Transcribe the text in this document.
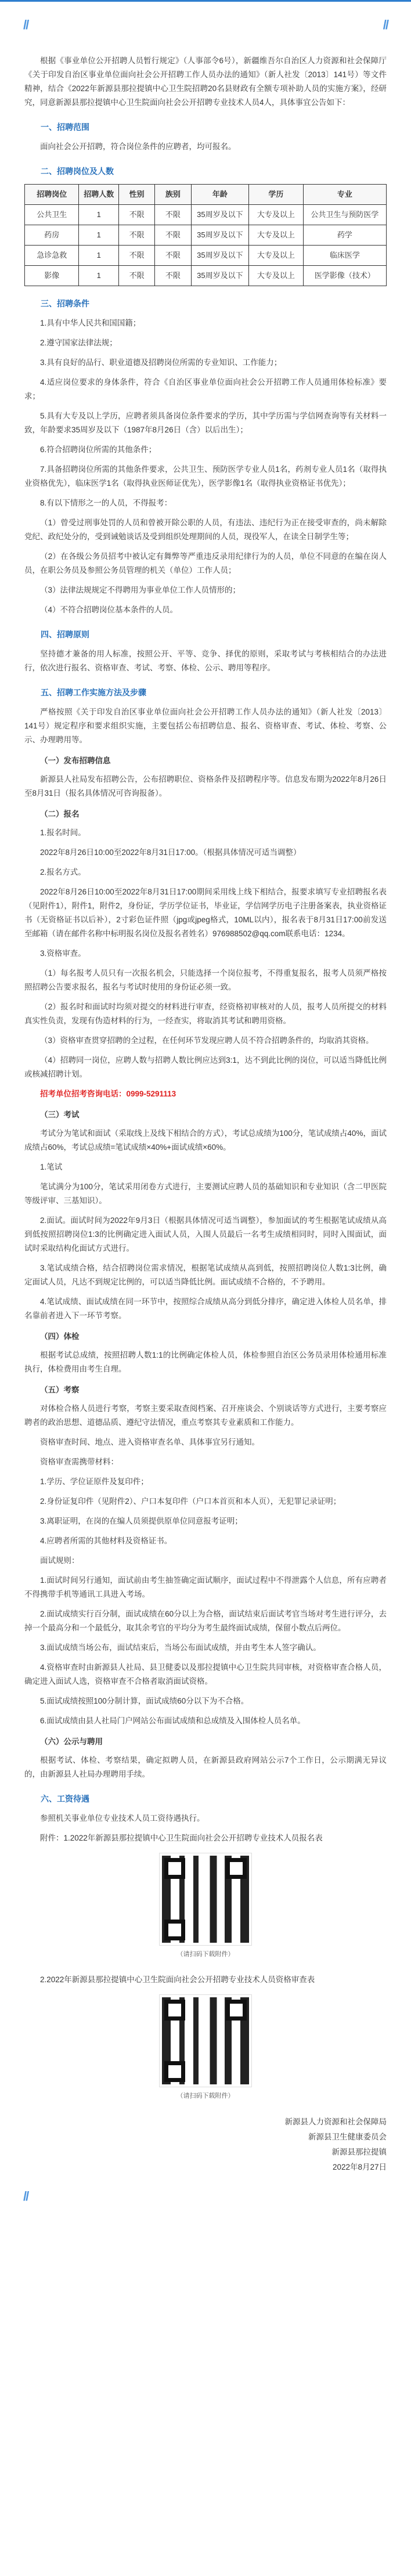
//	//

根据《事业单位公开招聘人员暂行规定》（人事部令6号），新疆维吾尔自治区人力资源和社会保障厅《关于印发自治区事业单位面向社会公开招聘工作人员办法的通知》（新人社发〔2013〕141号）等文件精神，结合《2022年新源县那拉提镇中心卫生院招聘20名县财政有全额专项补助人员的实施方案》，经研究，同意新源县那拉提镇中心卫生院面向社会公开招聘专业技术人员4人，具体事宜公告如下：

一、招聘范围

面向社会公开招聘，符合岗位条件的应聘者，均可报名。

二、招聘岗位及人数
招聘岗位	招聘人数	性别	族别	年龄	学历	专业
公共卫生	1	不限	不限	35周岁及以下	大专及以上	公共卫生与预防医学
药房	1	不限	不限	35周岁及以下	大专及以上	药学
急诊急救	1	不限	不限	35周岁及以下	大专及以上	临床医学
影像	1	不限	不限	35周岁及以下	大专及以上	医学影像（技术）
三、招聘条件

1.具有中华人民共和国国籍；

2.遵守国家法律法规；

3.具有良好的品行、职业道德及招聘岗位所需的专业知识、工作能力；

4.适应岗位要求的身体条件，符合《自治区事业单位面向社会公开招聘工作人员通用体检标准》要求；

5.具有大专及以上学历，应聘者须具备岗位条件要求的学历，其中学历需与学信网查询等有关材料一致，年龄要求35周岁及以下（1987年8月26日（含）以后出生）；

6.符合招聘岗位所需的其他条件；

7.具备招聘岗位所需的其他条件要求，公共卫生、预防医学专业人员1名，药剂专业人员1名（取得执业资格优先），临床医学1名（取得执业医师证优先），医学影像1名（取得执业资格证书优先）；

8.有以下情形之一的人员，不得报考：

（1）曾受过刑事处罚的人员和曾被开除公职的人员，有违法、违纪行为正在接受审查的，尚未解除党纪、政纪处分的，受到诫勉谈话及受到组织处理期间的人员，现役军人，在读全日制学生等；

（2）在各级公务员招考中被认定有舞弊等严重违反录用纪律行为的人员，单位不同意的在编在岗人员，在职公务员及参照公务员管理的机关（单位）工作人员；

（3）法律法规规定不得聘用为事业单位工作人员情形的；

（4）不符合招聘岗位基本条件的人员。

四、招聘原则

坚持德才兼备的用人标准，按照公开、平等、竞争、择优的原则，采取考试与考核相结合的办法进行，依次进行报名、资格审查、考试、考察、体检、公示、聘用等程序。

五、招聘工作实施方法及步骤

严格按照《关于印发自治区事业单位面向社会公开招聘工作人员办法的通知》（新人社发〔2013〕141号）规定程序和要求组织实施，主要包括公布招聘信息、报名、资格审查、考试、体检、考察、公示、办理聘用等。

（一）发布招聘信息

新源县人社局发布招聘公告，公布招聘职位、资格条件及招聘程序等。信息发布期为2022年8月26日至8月31日（报名具体情况可咨询报备）。

（二）报名

1.报名时间。

2022年8月26日10:00至2022年8月31日17:00。（根据具体情况可适当调整）

2.报名方式。

2022年8月26日10:00至2022年8月31日17:00期间采用线上线下相结合，报要求填写专业招聘报名表（见附件1），附件1，附件2，身份证，学历学位证书，毕业证，学信网学历电子注册备案表，执业资格证书（无资格证书以后补），2寸彩色证件照（jpg或jpeg格式，10ML以内），报名表于8月31日17:00前发送至邮箱（请在邮件名称中标明报名岗位及报名者姓名）976988502@qq.com联系电话：1234。

3.资格审查。

（1）每名报考人员只有一次报名机会，只能选择一个岗位报考，不得重复报名，报考人员须严格按照招聘公告要求报名，报名与考试时使用的身份证必须一致。

（2）报名时和面试时均须对提交的材料进行审查，经资格初审核对的人员，报考人员所提交的材料真实性负责，发现有伪造材料的行为，一经查实，将取消其考试和聘用资格。

（3）资格审查贯穿招聘的全过程，在任何环节发现应聘人员不符合招聘条件的，均取消其资格。

（4）招聘同一岗位，应聘人数与招聘人数比例应达到3:1，达不到此比例的岗位，可以适当降低比例或核减招聘计划。

招考单位招考咨询电话：0999-5291113

（三）考试

考试分为笔试和面试（采取线上及线下相结合的方式），考试总成绩为100分，笔试成绩占40%，面试成绩占60%，考试总成绩=笔试成绩×40%+面试成绩×60%。

1.笔试

笔试满分为100分，笔试采用闭卷方式进行，主要测试应聘人员的基础知识和专业知识（含二甲医院等级评审、三基知识）。

2.面试。面试时间为2022年9月3日（根据具体情况可适当调整），参加面试的考生根据笔试成绩从高到低按照招聘岗位1:3的比例确定进入面试人员，入围人员最后一名考生成绩相同时，同时入围面试，面试时采取结构化面试方式进行。

3.笔试成绩合格，结合招聘岗位需求情况，根据笔试成绩从高到低，按照招聘岗位人数1:3比例，确定面试人员，凡达不到规定比例的，可以适当降低比例。面试成绩不合格的，不予聘用。

4.笔试成绩、面试成绩在同一环节中，按照综合成绩从高分到低分排序，确定进入体检人员名单，排名靠前者进入下一环节考察。

（四）体检

根据考试总成绩，按照招聘人数1:1的比例确定体检人员，体检参照自治区公务员录用体检通用标准执行，体检费用由考生自理。

（五）考察

对体检合格人员进行考察，考察主要采取查阅档案、召开座谈会、个别谈话等方式进行，主要考察应聘者的政治思想、道德品质、遵纪守法情况，重点考察其专业素质和工作能力。

资格审查时间、地点、进入资格审查名单、具体事宜另行通知。

资格审查需携带材料：

1.学历、学位证原件及复印件；

2.身份证复印件（见附件2）、户口本复印件（户口本首页和本人页），无犯罪记录证明；

3.离职证明，在岗的在编人员须提供原单位同意报考证明；

4.应聘者所需的其他材料及资格证书。

面试规则：

1.面试时间另行通知，面试前由考生抽签确定面试顺序，面试过程中不得泄露个人信息，所有应聘者不得携带手机等通讯工具进入考场。

2.面试成绩实行百分制，面试成绩在60分以上为合格，面试结束后面试考官当场对考生进行评分，去掉一个最高分和一个最低分，取其余考官的平均分为考生最终面试成绩，保留小数点后两位。

3.面试成绩当场公布，面试结束后，当场公布面试成绩，并由考生本人签字确认。

4.资格审查时由新源县人社局、县卫健委以及那拉提镇中心卫生院共同审核，对资格审查合格人员，确定进入面试人选，资格审查不合格者取消面试资格。

5.面试成绩按照100分制计算，面试成绩60分以下为不合格。

6.面试成绩由县人社局门户网站公布面试成绩和总成绩及入围体检人员名单。

（六）公示与聘用

根据考试、体检、考察结果，确定拟聘人员，在新源县政府网站公示7个工作日，公示期满无异议的，由新源县人社局办理聘用手续。

六、工资待遇

参照机关事业单位专业技术人员工资待遇执行。

附件：1.2022年新源县那拉提镇中心卫生院面向社会公开招聘专业技术人员报名表

（请扫码下载附件）

2.2022年新源县那拉提镇中心卫生院面向社会公开招聘专业技术人员资格审查表

（请扫码下载附件）
新源县人力资源和社会保障局
新源县卫生健康委员会
新源县那拉提镇
2022年8月27日
//
